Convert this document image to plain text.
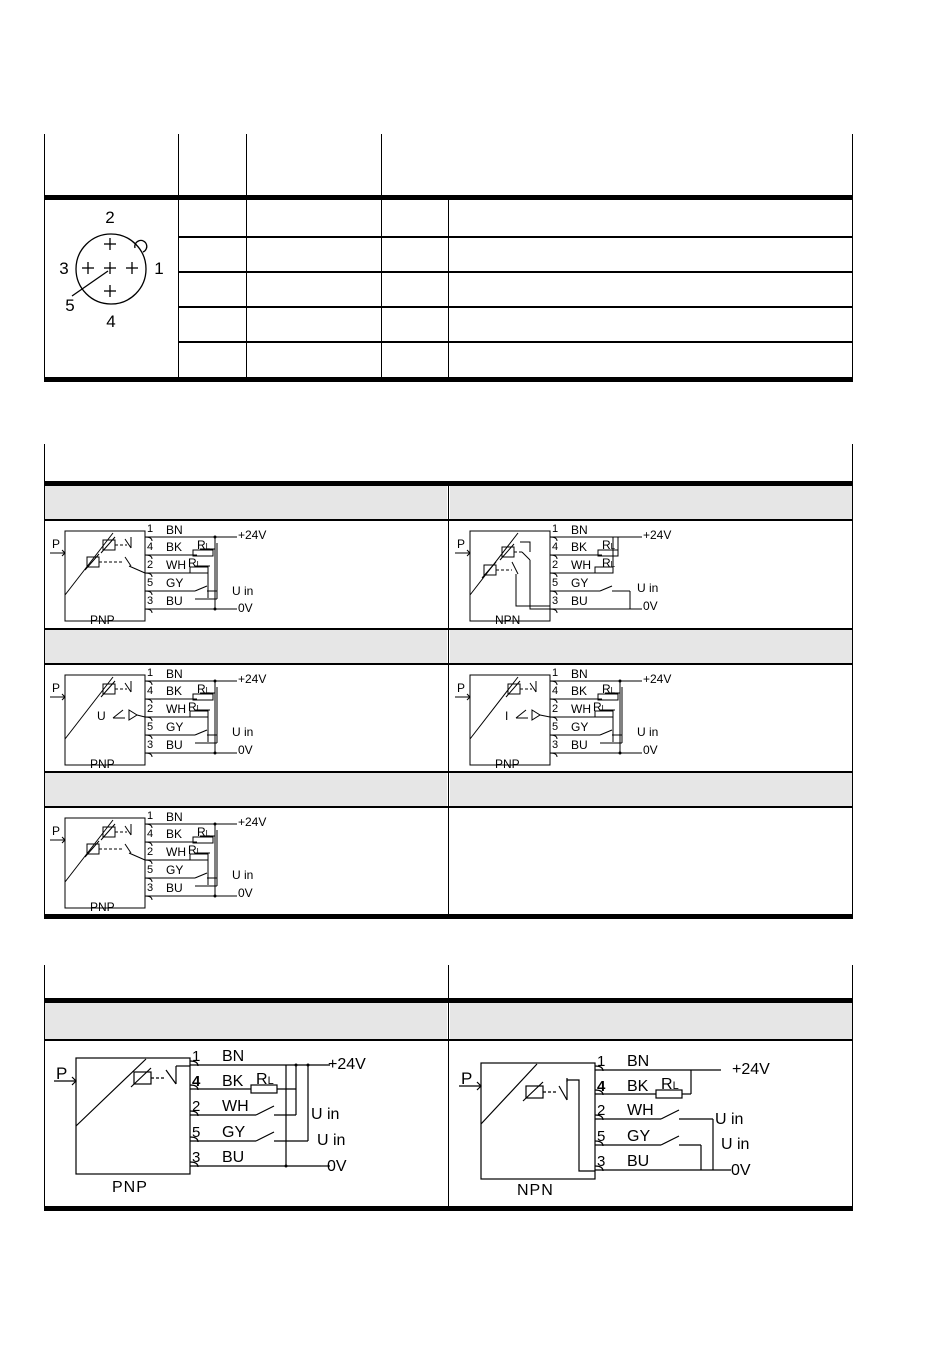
2
3	1
5
4
P
1
4
2
5
3
BN
BK
WH
GY
BU
RL
RL
+24V
U in
0V
PNP
P
1
4
2
5
3
BN
BK
WH
GY
BU
RL
RL
+24V
U in
0V
NPN
U
P
1
4
2
5
3
BN
BK
WH
GY
BU
RL
RL
+24V
U in
0V
PNP
I
P
1
4
2
5
3
BN
BK
WH
GY
BU
RL
RL
+24V
U in
0V
PNP
P
1
4
2
5
3
BN
BK
WH
GY
BU
RL
RL
+24V
U in
0V
PNP
P
1
4
2
5
3
BN
BK
WH
GY
BU
RL
+24V
U in
U in
0V
PNP
P
1
4
2
5
3
BN
BK
WH
GY
BU
RL
+24V
U in
U in
0V
NPN
